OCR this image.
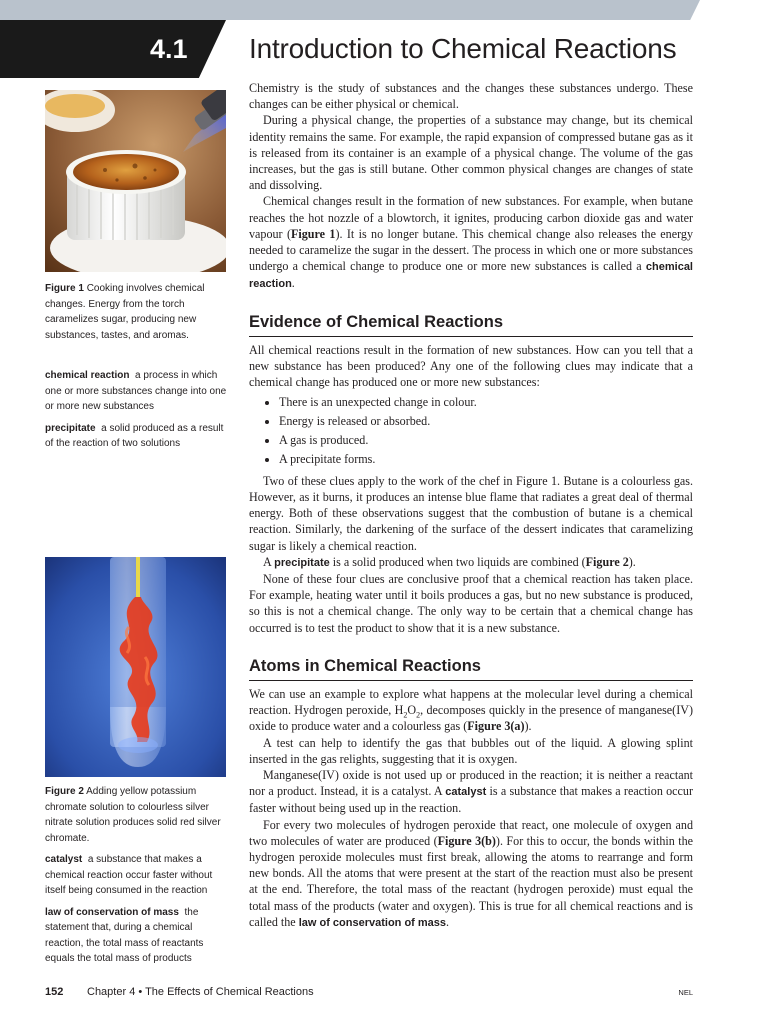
4.1 Introduction to Chemical Reactions
Figure 1 Cooking involves chemical changes. Energy from the torch caramelizes sugar, producing new substances, tastes, and aromas.
chemical reaction a process in which one or more substances change into one or more new substances
precipitate a solid produced as a result of the reaction of two solutions
Figure 2 Adding yellow potassium chromate solution to colourless silver nitrate solution produces solid red silver chromate.
catalyst a substance that makes a chemical reaction occur faster without itself being consumed in the reaction
law of conservation of mass the statement that, during a chemical reaction, the total mass of reactants equals the total mass of products

Chemistry is the study of substances and the changes these substances undergo. These changes can be either physical or chemical.

During a physical change, the properties of a substance may change, but its chemical identity remains the same. For example, the rapid expansion of compressed butane gas as it is released from its container is an example of a physical change. The volume of the gas increases, but the gas is still butane. Other common physical changes are changes of state and dissolving.

Chemical changes result in the formation of new substances. For example, when butane reaches the hot nozzle of a blowtorch, it ignites, producing carbon dioxide gas and water vapour (Figure 1). It is no longer butane. This chemical change also releases the energy needed to caramelize the sugar in the dessert. The process in which one or more substances undergo a chemical change to produce one or more new substances is called a chemical reaction.

Evidence of Chemical Reactions

All chemical reactions result in the formation of new substances. How can you tell that a new substance has been produced? Any one of the following clues may indicate that a chemical change has produced one or more new substances:

• There is an unexpected change in colour.
• Energy is released or absorbed.
• A gas is produced.
• A precipitate forms.

Two of these clues apply to the work of the chef in Figure 1. Butane is a colourless gas. However, as it burns, it produces an intense blue flame that radiates a great deal of thermal energy. Both of these observations suggest that the combustion of butane is a chemical reaction. Similarly, the darkening of the surface of the dessert indicates that caramelizing sugar is likely a chemical reaction.

A precipitate is a solid produced when two liquids are combined (Figure 2).

None of these four clues are conclusive proof that a chemical reaction has taken place. For example, heating water until it boils produces a gas, but no new substance is produced, so this is not a chemical change. The only way to be certain that a chemical change has occurred is to test the product to show that it is a new substance.

Atoms in Chemical Reactions

We can use an example to explore what happens at the molecular level during a chemical reaction. Hydrogen peroxide, $H_2O_2$, decomposes quickly in the presence of manganese(IV) oxide to produce water and a colourless gas (Figure 3(a)).

A test can help to identify the gas that bubbles out of the liquid. A glowing splint inserted in the gas relights, suggesting that it is oxygen.

Manganese(IV) oxide is not used up or produced in the reaction; it is neither a reactant nor a product. Instead, it is a catalyst. A catalyst is a substance that makes a reaction occur faster without being used up in the reaction.

For every two molecules of hydrogen peroxide that react, one molecule of oxygen and two molecules of water are produced (Figure 3(b)). For this to occur, the bonds within the hydrogen peroxide molecules must first break, allowing the atoms to rearrange and form new bonds. All the atoms that were present at the start of the reaction must also be present at the end. Therefore, the total mass of the reactant (hydrogen peroxide) must equal the total mass of the products (water and oxygen). This is true for all chemical reactions and is called the law of conservation of mass.

152 Chapter 4 • The Effects of Chemical Reactions	NEL
